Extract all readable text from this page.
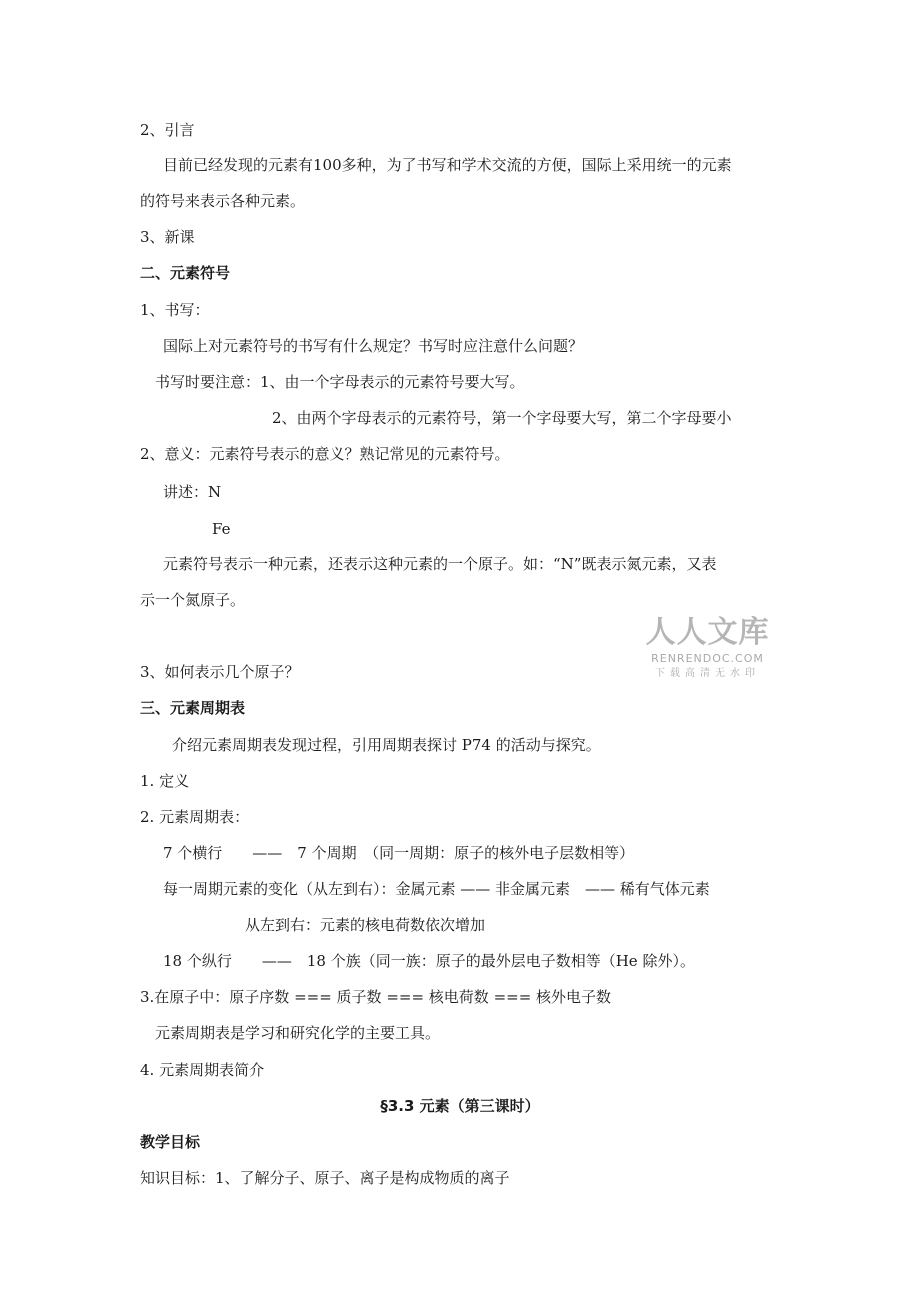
2、引言
目前已经发现的元素有100多种，为了书写和学术交流的方便，国际上采用统一的元素
的符号来表示各种元素。
3、新课
二、元素符号
1、书写：
国际上对元素符号的书写有什么规定？书写时应注意什么问题？
书写时要注意：1、由一个字母表示的元素符号要大写。
2、由两个字母表示的元素符号，第一个字母要大写，第二个字母要小
2、意义：元素符号表示的意义？熟记常见的元素符号。
讲述：N
Fe
元素符号表示一种元素，还表示这种元素的一个原子。如：“N”既表示氮元素，又表
示一个氮原子。
人人文库
RENRENDOC.COM
下载高清无水印
3、如何表示几个原子？
三、元素周期表
介绍元素周期表发现过程，引用周期表探讨 P74 的活动与探究。
1. 定义
2. 元素周期表：
7 个横行　　——　7 个周期　（同一周期：原子的核外电子层数相等）
每一周期元素的变化（从左到右）：金属元素 —— 非金属元素　—— 稀有气体元素
从左到右：元素的核电荷数依次增加
18 个纵行　　——　18 个族（同一族：原子的最外层电子数相等（He 除外）。
3.在原子中：原子序数 === 质子数 === 核电荷数 === 核外电子数
元素周期表是学习和研究化学的主要工具。
4. 元素周期表简介
§3.3 元素（第三课时）
教学目标
知识目标：1、了解分子、原子、离子是构成物质的离子
